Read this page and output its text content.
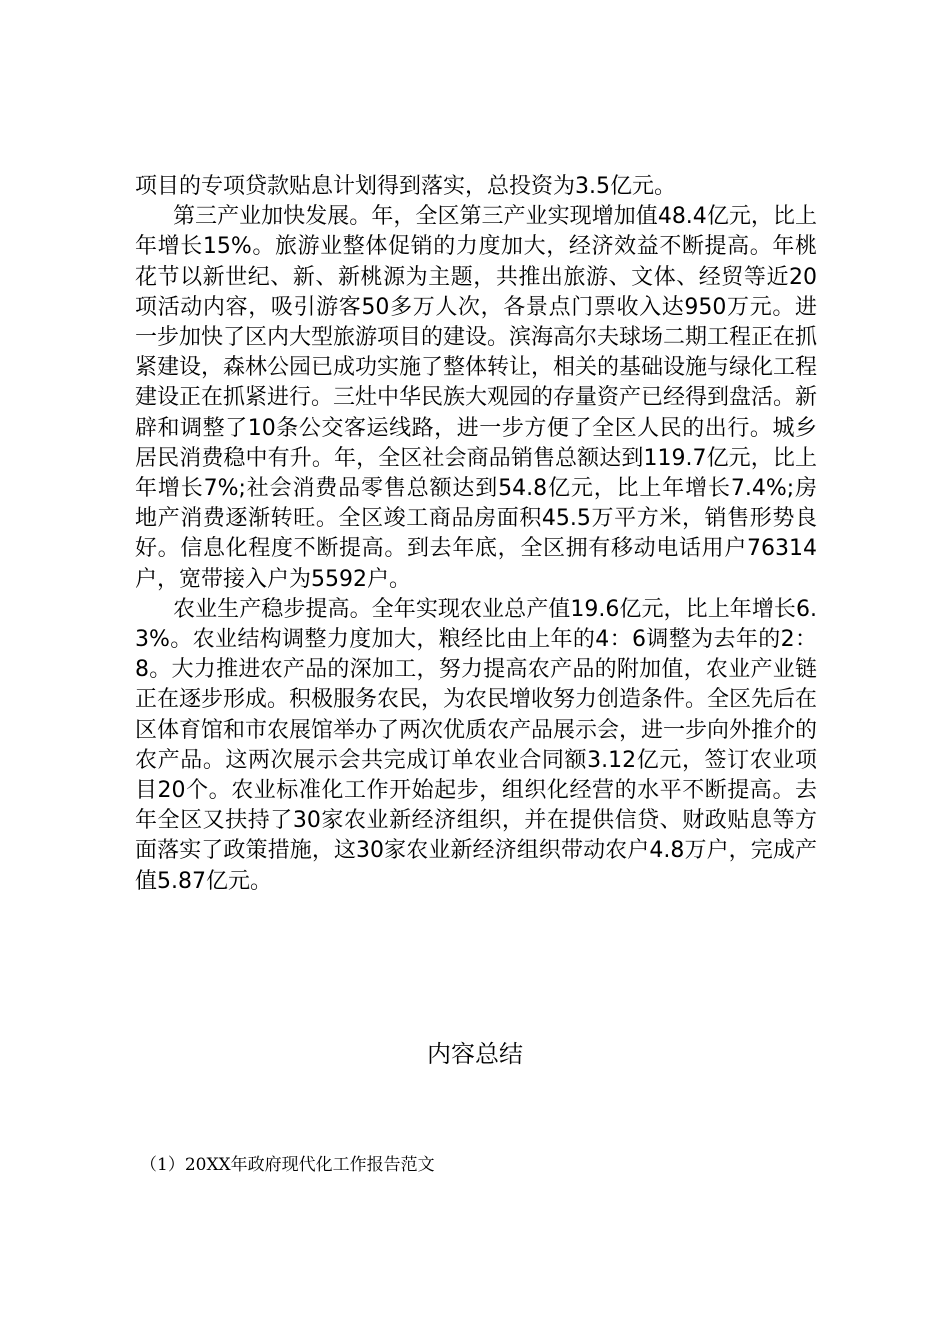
项目的专项贷款贴息计划得到落实，总投资为3.5亿元。

第三产业加快发展。年，全区第三产业实现增加值48.4亿元，比上年增长15%。旅游业整体促销的力度加大，经济效益不断提高。年桃花节以新世纪、新、新桃源为主题，共推出旅游、文体、经贸等近20项活动内容，吸引游客50多万人次，各景点门票收入达950万元。进一步加快了区内大型旅游项目的建设。滨海高尔夫球场二期工程正在抓紧建设，森林公园已成功实施了整体转让，相关的基础设施与绿化工程建设正在抓紧进行。三灶中华民族大观园的存量资产已经得到盘活。新辟和调整了10条公交客运线路，进一步方便了全区人民的出行。城乡居民消费稳中有升。年，全区社会商品销售总额达到119.7亿元，比上年增长7%;社会消费品零售总额达到54.8亿元，比上年增长7.4%;房地产消费逐渐转旺。全区竣工商品房面积45.5万平方米，销售形势良好。信息化程度不断提高。到去年底，全区拥有移动电话用户76314户，宽带接入户为5592户。

农业生产稳步提高。全年实现农业总产值19.6亿元，比上年增长6.3%。农业结构调整力度加大，粮经比由上年的4：6调整为去年的2：8。大力推进农产品的深加工，努力提高农产品的附加值，农业产业链正在逐步形成。积极服务农民，为农民增收努力创造条件。全区先后在区体育馆和市农展馆举办了两次优质农产品展示会，进一步向外推介的农产品。这两次展示会共完成订单农业合同额3.12亿元，签订农业项目20个。农业标准化工作开始起步，组织化经营的水平不断提高。去年全区又扶持了30家农业新经济组织，并在提供信贷、财政贴息等方面落实了政策措施，这30家农业新经济组织带动农户4.8万户，完成产值5.87亿元。

内容总结
（1）20XX年政府现代化工作报告范文
